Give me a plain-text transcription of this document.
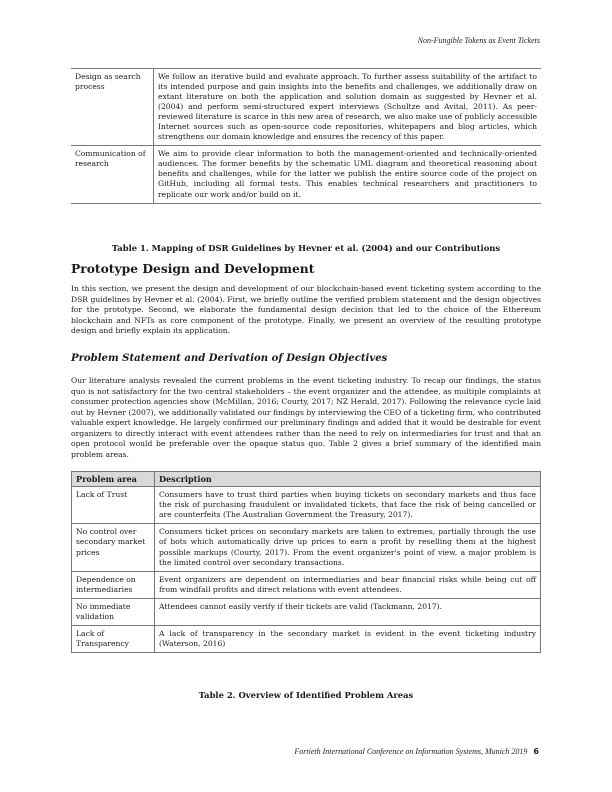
Non-Fungible Tokens as Event Tickets
Design as search process	We follow an iterative build and evaluate approach. To further assess suitability of the artifact to its intended purpose and gain insights into the benefits and challenges, we additionally draw on extant literature on both the application and solution domain as suggested by Hevner et al. (2004) and perform semi-structured expert interviews (Schultze and Avital, 2011). As peer-reviewed literature is scarce in this new area of research, we also make use of publicly accessible Internet sources such as open-source code repositories, whitepapers and blog articles, which strengthens our domain knowledge and ensures the recency of this paper.
Communication of research	We aim to provide clear information to both the management-oriented and technically-oriented audiences. The former benefits by the schematic UML diagram and theoretical reasoning about benefits and challenges, while for the latter we publish the entire source code of the project on GitHub, including all formal tests. This enables technical researchers and practitioners to replicate our work and/or build on it.
Table 1. Mapping of DSR Guidelines by Hevner et al. (2004) and our Contributions
Prototype Design and Development

In this section, we present the design and development of our blockchain-based event ticketing system according to the DSR guidelines by Hevner et al. (2004). First, we briefly outline the verified problem statement and the design objectives for the prototype. Second, we elaborate the fundamental design decision that led to the choice of the Ethereum blockchain and NFTs as core component of the prototype. Finally, we present an overview of the resulting prototype design and briefly explain its application.

Problem Statement and Derivation of Design Objectives

Our literature analysis revealed the current problems in the event ticketing industry. To recap our findings, the status quo is not satisfactory for the two central stakeholders – the event organizer and the attendee, as multiple complaints at consumer protection agencies show (McMillan, 2016; Courty, 2017; NZ Herald, 2017). Following the relevance cycle laid out by Hevner (2007), we additionally validated our findings by interviewing the CEO of a ticketing firm, who contributed valuable expert knowledge. He largely confirmed our preliminary findings and added that it would be desirable for event organizers to directly interact with event attendees rather than the need to rely on intermediaries for trust and that an open protocol would be preferable over the opaque status quo. Table 2 gives a brief summary of the identified main problem areas.

Problem area	Description
Lack of Trust	Consumers have to trust third parties when buying tickets on secondary markets and thus face the risk of purchasing fraudulent or invalidated tickets, that face the risk of being cancelled or are counterfeits (The Australian Government the Treasury, 2017).
No control over secondary market prices	Consumers ticket prices on secondary markets are taken to extremes, partially through the use of bots which automatically drive up prices to earn a profit by reselling them at the highest possible markups (Courty, 2017). From the event organizer's point of view, a major problem is the limited control over secondary transactions.
Dependence on intermediaries	Event organizers are dependent on intermediaries and bear financial risks while being cut off from windfall profits and direct relations with event attendees.
No immediate validation	Attendees cannot easily verify if their tickets are valid (Tackmann, 2017).
Lack of Transparency	A lack of transparency in the secondary market is evident in the event ticketing industry (Waterson, 2016)
Table 2. Overview of Identified Problem Areas
Fortieth International Conference on Information Systems, Munich 2019 6
